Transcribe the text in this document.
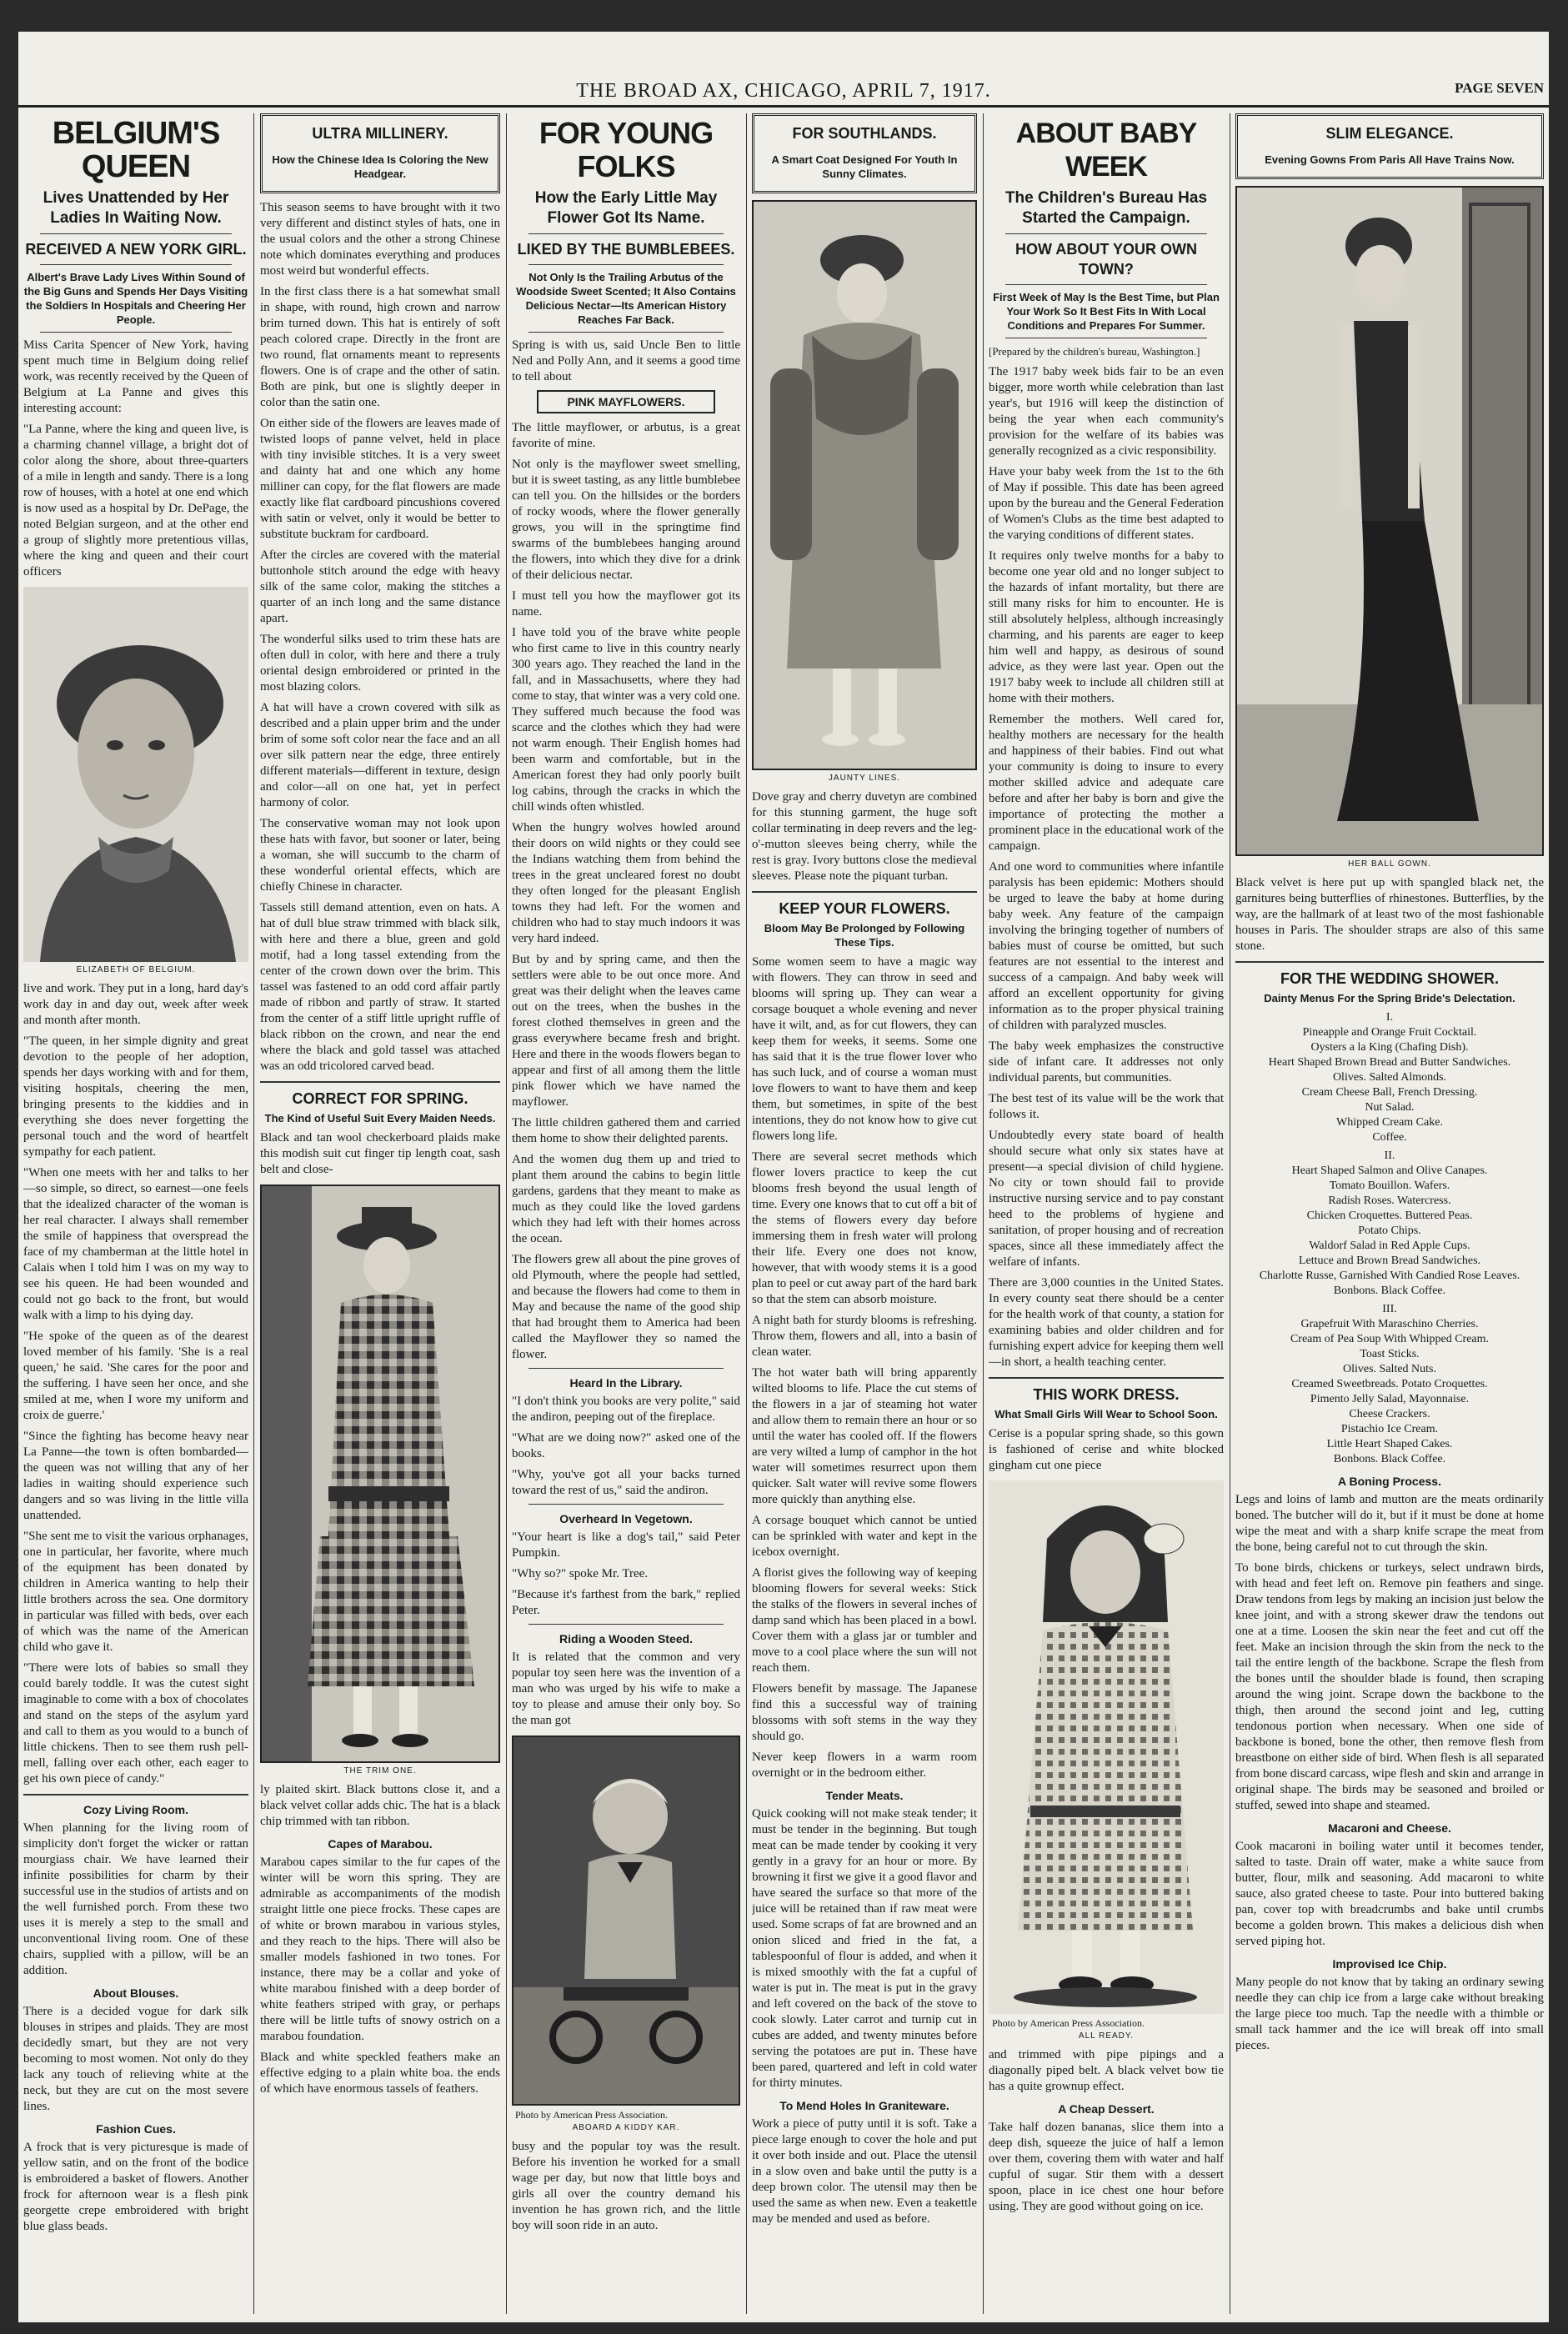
THE BROAD AX, CHICAGO, APRIL 7, 1917.	PAGE SEVEN
BELGIUM'S QUEEN
Lives Unattended by Her Ladies In Waiting Now.
RECEIVED A NEW YORK GIRL.
Albert's Brave Lady Lives Within Sound of the Big Guns and Spends Her Days Visiting the Soldiers In Hospitals and Cheering Her People.

Miss Carita Spencer of New York, having spent much time in Belgium doing relief work, was recently received by the Queen of Belgium at La Panne and gives this interesting account:

"La Panne, where the king and queen live, is a charming channel village, a bright dot of color along the shore, about three-quarters of a mile in length and sandy. There is a long row of houses, with a hotel at one end which is now used as a hospital by Dr. DePage, the noted Belgian surgeon, and at the other end a group of slightly more pretentious villas, where the king and queen and their court officers

ELIZABETH OF BELGIUM.

live and work. They put in a long, hard day's work day in and day out, week after week and month after month.

"The queen, in her simple dignity and great devotion to the people of her adoption, spends her days working with and for them, visiting hospitals, cheering the men, bringing presents to the kiddies and in everything she does never forgetting the personal touch and the word of heartfelt sympathy for each patient.

"When one meets with her and talks to her—so simple, so direct, so earnest—one feels that the idealized character of the woman is her real character. I always shall remember the smile of happiness that overspread the face of my chamberman at the little hotel in Calais when I told him I was on my way to see his queen. He had been wounded and could not go back to the front, but would walk with a limp to his dying day.

"He spoke of the queen as of the dearest loved member of his family. 'She is a real queen,' he said. 'She cares for the poor and the suffering. I have seen her once, and she smiled at me, when I wore my uniform and croix de guerre.'

"Since the fighting has become heavy near La Panne—the town is often bombarded—the queen was not willing that any of her ladies in waiting should experience such dangers and so was living in the little villa unattended.

"She sent me to visit the various orphanages, one in particular, her favorite, where much of the equipment has been donated by children in America wanting to help their little brothers across the sea. One dormitory in particular was filled with beds, over each of which was the name of the American child who gave it.

"There were lots of babies so small they could barely toddle. It was the cutest sight imaginable to come with a box of chocolates and stand on the steps of the asylum yard and call to them as you would to a bunch of little chickens. Then to see them rush pell-mell, falling over each other, each eager to get his own piece of candy."

Cozy Living Room.

When planning for the living room of simplicity don't forget the wicker or rattan mourgiass chair. We have learned their infinite possibilities for charm by their successful use in the studios of artists and on the well furnished porch. From these two uses it is merely a step to the small and unconventional living room. One of these chairs, supplied with a pillow, will be an addition.

About Blouses.

There is a decided vogue for dark silk blouses in stripes and plaids. They are most decidedly smart, but they are not very becoming to most women. Not only do they lack any touch of relieving white at the neck, but they are cut on the most severe lines.

Fashion Cues.

A frock that is very picturesque is made of yellow satin, and on the front of the bodice is embroidered a basket of flowers. Another frock for afternoon wear is a flesh pink georgette crepe embroidered with bright blue glass beads.

ULTRA MILLINERY.
How the Chinese Idea Is Coloring the New Headgear.

This season seems to have brought with it two very different and distinct styles of hats, one in the usual colors and the other a strong Chinese note which dominates everything and produces most weird but wonderful effects.

In the first class there is a hat somewhat small in shape, with round, high crown and narrow brim turned down. This hat is entirely of soft peach colored crape. Directly in the front are two round, flat ornaments meant to represents flowers. One is of crape and the other of satin. Both are pink, but one is slightly deeper in color than the satin one.

On either side of the flowers are leaves made of twisted loops of panne velvet, held in place with tiny invisible stitches. It is a very sweet and dainty hat and one which any home milliner can copy, for the flat flowers are made exactly like flat cardboard pincushions covered with satin or velvet, only it would be better to substitute buckram for cardboard.

After the circles are covered with the material buttonhole stitch around the edge with heavy silk of the same color, making the stitches a quarter of an inch long and the same distance apart.

The wonderful silks used to trim these hats are often dull in color, with here and there a truly oriental design embroidered or printed in the most blazing colors.

A hat will have a crown covered with silk as described and a plain upper brim and the under brim of some soft color near the face and an all over silk pattern near the edge, three entirely different materials—different in texture, design and color—all on one hat, yet in perfect harmony of color.

The conservative woman may not look upon these hats with favor, but sooner or later, being a woman, she will succumb to the charm of these wonderful oriental effects, which are chiefly Chinese in character.

Tassels still demand attention, even on hats. A hat of dull blue straw trimmed with black silk, with here and there a blue, green and gold motif, had a long tassel extending from the center of the crown down over the brim. This tassel was fastened to an odd cord affair partly made of ribbon and partly of straw. It started from the center of a stiff little upright ruffle of black ribbon on the crown, and near the end where the black and gold tassel was attached was an odd tricolored carved bead.

CORRECT FOR SPRING.
The Kind of Useful Suit Every Maiden Needs.

Black and tan wool checkerboard plaids make this modish suit cut finger tip length coat, sash belt and close-

THE TRIM ONE.

ly plaited skirt. Black buttons close it, and a black velvet collar adds chic. The hat is a black chip trimmed with tan ribbon.

Capes of Marabou.

Marabou capes similar to the fur capes of the winter will be worn this spring. They are admirable as accompaniments of the modish straight little one piece frocks. These capes are of white or brown marabou in various styles, and they reach to the hips. There will also be smaller models fashioned in two tones. For instance, there may be a collar and yoke of white marabou finished with a deep border of white feathers striped with gray, or perhaps there will be little tufts of snowy ostrich on a marabou foundation.

Black and white speckled feathers make an effective edging to a plain white boa. the ends of which have enormous tassels of feathers.

FOR YOUNG FOLKS
How the Early Little May Flower Got Its Name.
LIKED BY THE BUMBLEBEES.
Not Only Is the Trailing Arbutus of the Woodside Sweet Scented; It Also Contains Delicious Nectar—Its American History Reaches Far Back.

Spring is with us, said Uncle Ben to little Ned and Polly Ann, and it seems a good time to tell about

PINK MAYFLOWERS.

The little mayflower, or arbutus, is a great favorite of mine.

Not only is the mayflower sweet smelling, but it is sweet tasting, as any little bumblebee can tell you. On the hillsides or the borders of rocky woods, where the flower generally grows, you will in the springtime find swarms of the bumblebees hanging around the flowers, into which they dive for a drink of their delicious nectar.

I must tell you how the mayflower got its name.

I have told you of the brave white people who first came to live in this country nearly 300 years ago. They reached the land in the fall, and in Massachusetts, where they had come to stay, that winter was a very cold one. They suffered much because the food was scarce and the clothes which they had were not warm enough. Their English homes had been warm and comfortable, but in the American forest they had only poorly built log cabins, through the cracks in which the chill winds often whistled.

When the hungry wolves howled around their doors on wild nights or they could see the Indians watching them from behind the trees in the great uncleared forest no doubt they often longed for the pleasant English towns they had left. For the women and children who had to stay much indoors it was very hard indeed.

But by and by spring came, and then the settlers were able to be out once more. And great was their delight when the leaves came out on the trees, when the bushes in the forest clothed themselves in green and the grass everywhere became fresh and bright. Here and there in the woods flowers began to appear and first of all among them the little pink flower which we have named the mayflower.

The little children gathered them and carried them home to show their delighted parents.

And the women dug them up and tried to plant them around the cabins to begin little gardens, gardens that they meant to make as much as they could like the loved gardens which they had left with their homes across the ocean.

The flowers grew all about the pine groves of old Plymouth, where the people had settled, and because the flowers had come to them in May and because the name of the good ship that had brought them to America had been called the Mayflower they so named the flower.

Heard In the Library.

"I don't think you books are very polite," said the andiron, peeping out of the fireplace.

"What are we doing now?" asked one of the books.

"Why, you've got all your backs turned toward the rest of us," said the andiron.

Overheard In Vegetown.

"Your heart is like a dog's tail," said Peter Pumpkin.

"Why so?" spoke Mr. Tree.

"Because it's farthest from the bark," replied Peter.

Riding a Wooden Steed.

It is related that the common and very popular toy seen here was the invention of a man who was urged by his wife to make a toy to please and amuse their only boy. So the man got

Photo by American Press Association.
ABOARD A KIDDY KAR.

busy and the popular toy was the result. Before his invention he worked for a small wage per day, but now that little boys and girls all over the country demand his invention he has grown rich, and the little boy will soon ride in an auto.

FOR SOUTHLANDS.
A Smart Coat Designed For Youth In Sunny Climates.
JAUNTY LINES.

Dove gray and cherry duvetyn are combined for this stunning garment, the huge soft collar terminating in deep revers and the leg-o'-mutton sleeves being cherry, while the rest is gray. Ivory buttons close the medieval sleeves. Please note the piquant turban.

KEEP YOUR FLOWERS.
Bloom May Be Prolonged by Following These Tips.

Some women seem to have a magic way with flowers. They can throw in seed and blooms will spring up. They can wear a corsage bouquet a whole evening and never have it wilt, and, as for cut flowers, they can keep them for weeks, it seems. Some one has said that it is the true flower lover who has such luck, and of course a woman must love flowers to want to have them and keep them, but sometimes, in spite of the best intentions, they do not know how to give cut flowers long life.

There are several secret methods which flower lovers practice to keep the cut blooms fresh beyond the usual length of time. Every one knows that to cut off a bit of the stems of flowers every day before immersing them in fresh water will prolong their life. Every one does not know, however, that with woody stems it is a good plan to peel or cut away part of the hard bark so that the stem can absorb moisture.

A night bath for sturdy blooms is refreshing. Throw them, flowers and all, into a basin of clean water.

The hot water bath will bring apparently wilted blooms to life. Place the cut stems of the flowers in a jar of steaming hot water and allow them to remain there an hour or so until the water has cooled off. If the flowers are very wilted a lump of camphor in the hot water will sometimes resurrect upon them quicker. Salt water will revive some flowers more quickly than anything else.

A corsage bouquet which cannot be untied can be sprinkled with water and kept in the icebox overnight.

A florist gives the following way of keeping blooming flowers for several weeks: Stick the stalks of the flowers in several inches of damp sand which has been placed in a bowl. Cover them with a glass jar or tumbler and move to a cool place where the sun will not reach them.

Flowers benefit by massage. The Japanese find this a successful way of training blossoms with soft stems in the way they should go.

Never keep flowers in a warm room overnight or in the bedroom either.

Tender Meats.

Quick cooking will not make steak tender; it must be tender in the beginning. But tough meat can be made tender by cooking it very gently in a gravy for an hour or more. By browning it first we give it a good flavor and have seared the surface so that more of the juice will be retained than if raw meat were used. Some scraps of fat are browned and an onion sliced and fried in the fat, a tablespoonful of flour is added, and when it is mixed smoothly with the fat a cupful of water is put in. The meat is put in the gravy and left covered on the back of the stove to cook slowly. Later carrot and turnip cut in cubes are added, and twenty minutes before serving the potatoes are put in. These have been pared, quartered and left in cold water for thirty minutes.

To Mend Holes In Graniteware.

Work a piece of putty until it is soft. Take a piece large enough to cover the hole and put it over both inside and out. Place the utensil in a slow oven and bake until the putty is a deep brown color. The utensil may then be used the same as when new. Even a teakettle may be mended and used as before.

ABOUT BABY WEEK
The Children's Bureau Has Started the Campaign.
HOW ABOUT YOUR OWN TOWN?
First Week of May Is the Best Time, but Plan Your Work So It Best Fits In With Local Conditions and Prepares For Summer.

[Prepared by the children's bureau, Washington.]

The 1917 baby week bids fair to be an even bigger, more worth while celebration than last year's, but 1916 will keep the distinction of being the year when each community's provision for the welfare of its babies was generally recognized as a civic responsibility.

Have your baby week from the 1st to the 6th of May if possible. This date has been agreed upon by the bureau and the General Federation of Women's Clubs as the time best adapted to the varying conditions of different states.

It requires only twelve months for a baby to become one year old and no longer subject to the hazards of infant mortality, but there are still many risks for him to encounter. He is still absolutely helpless, although increasingly charming, and his parents are eager to keep him well and happy, as desirous of sound advice, as they were last year. Open out the 1917 baby week to include all children still at home with their mothers.

Remember the mothers. Well cared for, healthy mothers are necessary for the health and happiness of their babies. Find out what your community is doing to insure to every mother skilled advice and adequate care before and after her baby is born and give the importance of protecting the mother a prominent place in the educational work of the campaign.

And one word to communities where infantile paralysis has been epidemic: Mothers should be urged to leave the baby at home during baby week. Any feature of the campaign involving the bringing together of numbers of babies must of course be omitted, but such features are not essential to the interest and success of a campaign. And baby week will afford an excellent opportunity for giving information as to the proper physical training of children with paralyzed muscles.

The baby week emphasizes the constructive side of infant care. It addresses not only individual parents, but communities.

The best test of its value will be the work that follows it.

Undoubtedly every state board of health should secure what only six states have at present—a special division of child hygiene. No city or town should fail to provide instructive nursing service and to pay constant heed to the problems of hygiene and sanitation, of proper housing and of recreation spaces, since all these immediately affect the welfare of infants.

There are 3,000 counties in the United States. In every county seat there should be a center for the health work of that county, a station for examining babies and older children and for furnishing expert advice for keeping them well—in short, a health teaching center.

THIS WORK DRESS.
What Small Girls Will Wear to School Soon.

Cerise is a popular spring shade, so this gown is fashioned of cerise and white blocked gingham cut one piece

Photo by American Press Association.
ALL READY.

and trimmed with pipe pipings and a diagonally piped belt. A black velvet bow tie has a quite grownup effect.

A Cheap Dessert.

Take half dozen bananas, slice them into a deep dish, squeeze the juice of half a lemon over them, covering them with water and half cupful of sugar. Stir them with a dessert spoon, place in ice chest one hour before using. They are good without going on ice.

SLIM ELEGANCE.
Evening Gowns From Paris All Have Trains Now.
HER BALL GOWN.

Black velvet is here put up with spangled black net, the garnitures being butterflies of rhinestones. Butterflies, by the way, are the hallmark of at least two of the most fashionable houses in Paris. The shoulder straps are also of this same stone.

FOR THE WEDDING SHOWER.
Dainty Menus For the Spring Bride's Delectation.
I.
Pineapple and Orange Fruit Cocktail.
Oysters a la King (Chafing Dish).
Heart Shaped Brown Bread and Butter Sandwiches.
Olives. Salted Almonds.
Cream Cheese Ball, French Dressing.
Nut Salad.
Whipped Cream Cake.
Coffee.
II.
Heart Shaped Salmon and Olive Canapes.
Tomato Bouillon. Wafers.
Radish Roses. Watercress.
Chicken Croquettes. Buttered Peas.
Potato Chips.
Waldorf Salad in Red Apple Cups.
Lettuce and Brown Bread Sandwiches.
Charlotte Russe, Garnished With Candied Rose Leaves.
Bonbons. Black Coffee.
III.
Grapefruit With Maraschino Cherries.
Cream of Pea Soup With Whipped Cream.
Toast Sticks.
Olives. Salted Nuts.
Creamed Sweetbreads. Potato Croquettes.
Pimento Jelly Salad, Mayonnaise.
Cheese Crackers.
Pistachio Ice Cream.
Little Heart Shaped Cakes.
Bonbons. Black Coffee.
A Boning Process.

Legs and loins of lamb and mutton are the meats ordinarily boned. The butcher will do it, but if it must be done at home wipe the meat and with a sharp knife scrape the meat from the bone, being careful not to cut through the skin.

To bone birds, chickens or turkeys, select undrawn birds, with head and feet left on. Remove pin feathers and singe. Draw tendons from legs by making an incision just below the knee joint, and with a strong skewer draw the tendons out one at a time. Loosen the skin near the feet and cut off the feet. Make an incision through the skin from the neck to the tail the entire length of the backbone. Scrape the flesh from the bones until the shoulder blade is found, then scraping around the wing joint. Scrape down the backbone to the thigh, then around the second joint and leg, cutting tendonous portion when necessary. When one side of backbone is boned, bone the other, then remove flesh from breastbone on either side of bird. When flesh is all separated from bone discard carcass, wipe flesh and skin and arrange in original shape. The birds may be seasoned and broiled or stuffed, sewed into shape and steamed.

Macaroni and Cheese.

Cook macaroni in boiling water until it becomes tender, salted to taste. Drain off water, make a white sauce from butter, flour, milk and seasoning. Add macaroni to white sauce, also grated cheese to taste. Pour into buttered baking pan, cover top with breadcrumbs and bake until crumbs become a golden brown. This makes a delicious dish when served piping hot.

Improvised Ice Chip.

Many people do not know that by taking an ordinary sewing needle they can chip ice from a large cake without breaking the large piece too much. Tap the needle with a thimble or small tack hammer and the ice will break off into small pieces.
